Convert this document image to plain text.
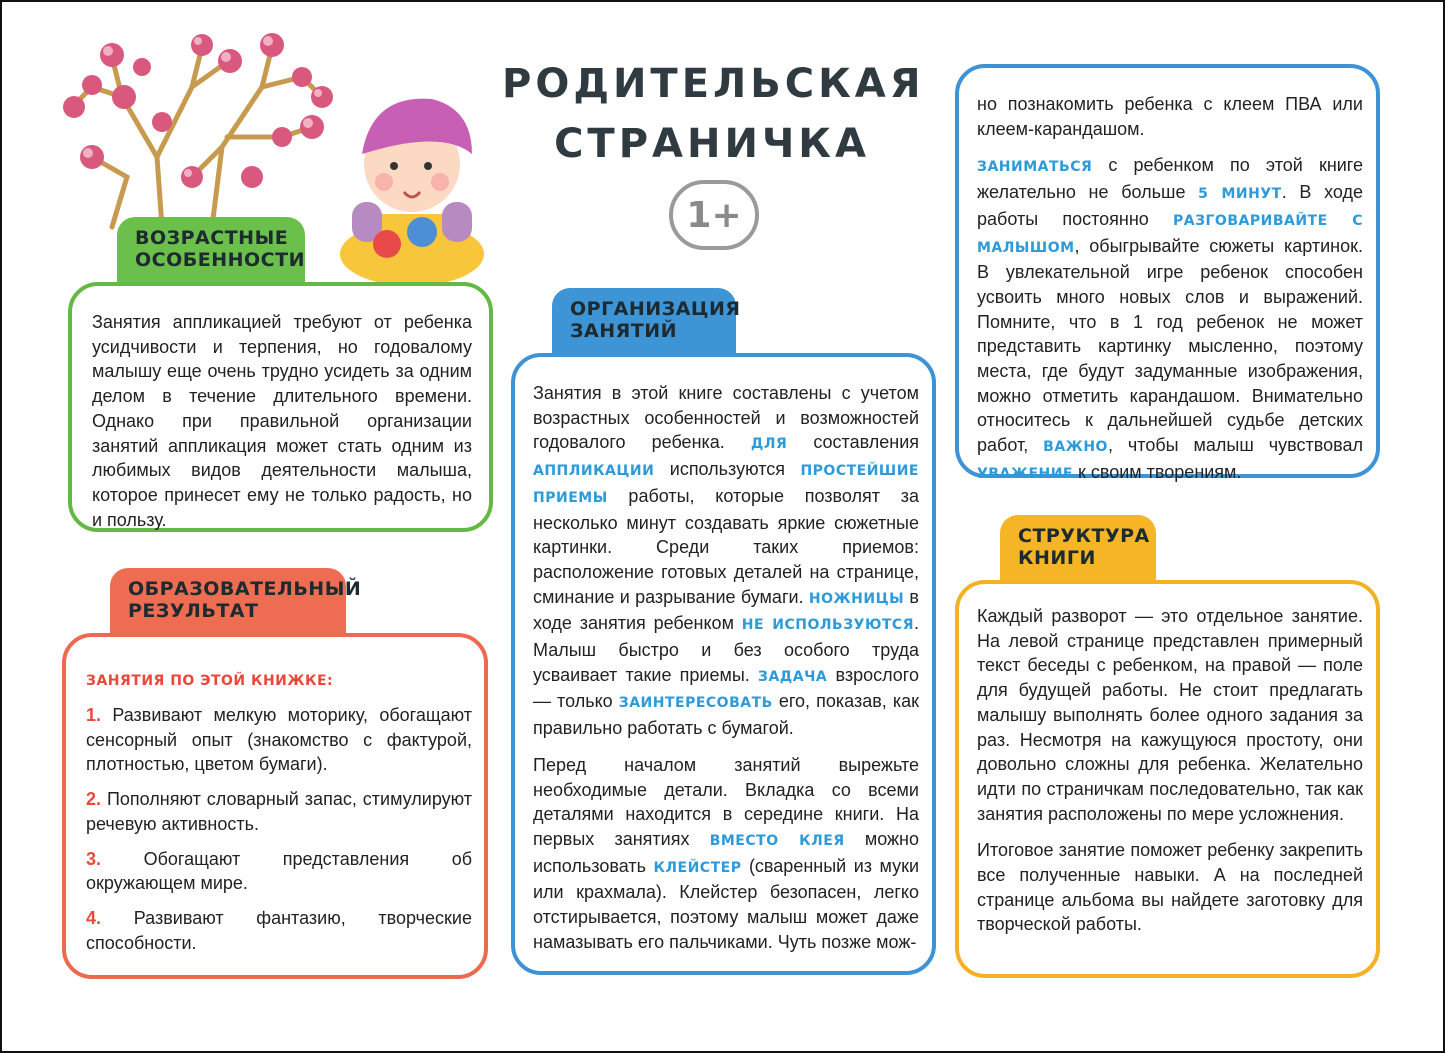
РОДИТЕЛЬСКАЯ
СТРАНИЧКА
1+
ВОЗРАСТНЫЕ
ОСОБЕННОСТИ
Занятия аппликацией требуют от ребенка усидчивости и терпения, но годовалому малышу еще очень трудно усидеть за одним делом в течение длительного времени. Однако при правильной организации занятий аппликация может стать одним из любимых видов деятельности малыша, которое принесет ему не только радость, но и пользу.
ОБРАЗОВАТЕЛЬНЫЙ
РЕЗУЛЬТАТ
ЗАНЯТИЯ ПО ЭТОЙ КНИЖКЕ:

1. Развивают мелкую моторику, обогащают сенсорный опыт (знакомство с фактурой, плотностью, цветом бумаги).

2. Пополняют словарный запас, стимулируют речевую активность.

3. Обогащают представления об окружающем мире.

4. Развивают фантазию, творческие способности.

ОРГАНИЗАЦИЯ
ЗАНЯТИЙ

Занятия в этой книге составлены с учетом возрастных особенностей и возможностей годовалого ребенка. ДЛЯ составления АППЛИКАЦИИ используются ПРОСТЕЙШИЕ ПРИЕМЫ работы, которые позволят за несколько минут создавать яркие сюжетные картинки. Среди таких приемов: расположение готовых деталей на странице, сминание и разрывание бумаги. НОЖНИЦЫ в ходе занятия ребенком НЕ ИСПОЛЬЗУЮТСЯ. Малыш быстро и без особого труда усваивает такие приемы. ЗАДАЧА взрослого — только ЗАИНТЕРЕСОВАТЬ его, показав, как правильно работать с бумагой.

Перед началом занятий вырежьте необходимые детали. Вкладка со всеми деталями находится в середине книги. На первых занятиях ВМЕСТО КЛЕЯ можно использовать КЛЕЙСТЕР (сваренный из муки или крахмала). Клейстер безопасен, легко отстирывается, поэтому малыш может даже намазывать его пальчиками. Чуть позже мож-

но познакомить ребенка с клеем ПВА или клеем-карандашом.

ЗАНИМАТЬСЯ с ребенком по этой книге желательно не больше 5 МИНУТ. В ходе работы постоянно РАЗГОВАРИВАЙТЕ С МАЛЫШОМ, обыгрывайте сюжеты картинок. В увлекательной игре ребенок способен усвоить много новых слов и выражений. Помните, что в 1 год ребенок не может представить картинку мысленно, поэтому места, где будут задуманные изображения, можно отметить карандашом. Внимательно относитесь к дальнейшей судьбе детских работ, ВАЖНО, чтобы малыш чувствовал УВАЖЕНИЕ к своим творениям.

СТРУКТУРА
КНИГИ

Каждый разворот — это отдельное занятие. На левой странице представлен примерный текст беседы с ребенком, на правой — поле для будущей работы. Не стоит предлагать малышу выполнять более одного задания за раз. Несмотря на кажущуюся простоту, они довольно сложны для ребенка. Желательно идти по страничкам последовательно, так как занятия расположены по мере усложнения.

Итоговое занятие поможет ребенку закрепить все полученные навыки. А на последней странице альбома вы найдете заготовку для творческой работы.
